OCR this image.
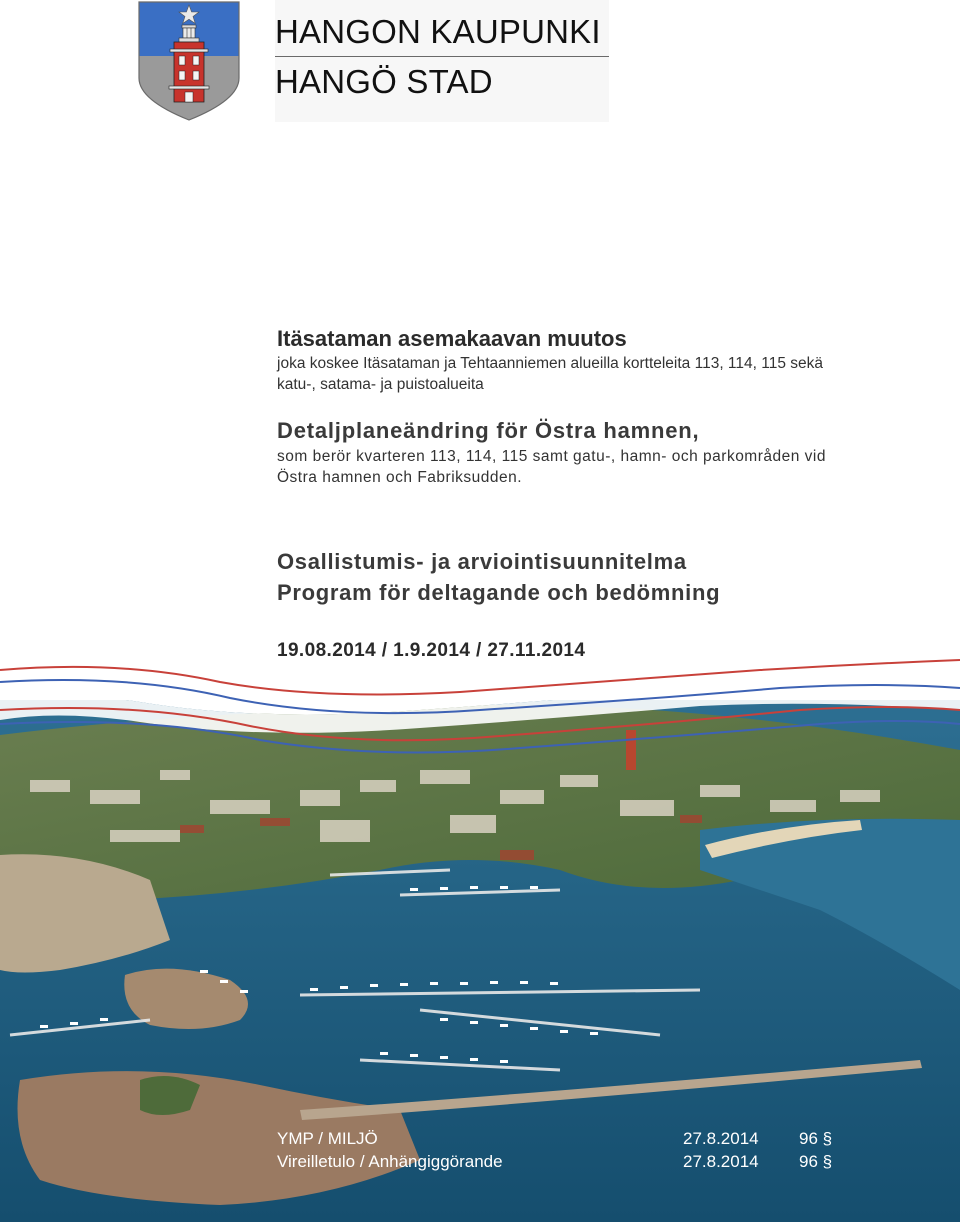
HANGON KAUPUNKI
HANGÖ STAD
Itäsataman asemakaavan muutos
joka koskee Itäsataman ja Tehtaanniemen alueilla kortteleita 113, 114, 115 sekä katu-, satama- ja puistoalueita
Detaljplaneändring för Östra hamnen,
som berör kvarteren 113, 114, 115 samt gatu-, hamn- och parkområden vid Östra hamnen och Fabriksudden.
Osallistumis- ja arviointisuunnitelma
Program för deltagande och bedömning
19.08.2014 / 1.9.2014 / 27.11.2014
YMP / MILJÖ	27.8.2014 96 §
Vireilletulo / Anhängiggörande	27.8.2014 96 §
